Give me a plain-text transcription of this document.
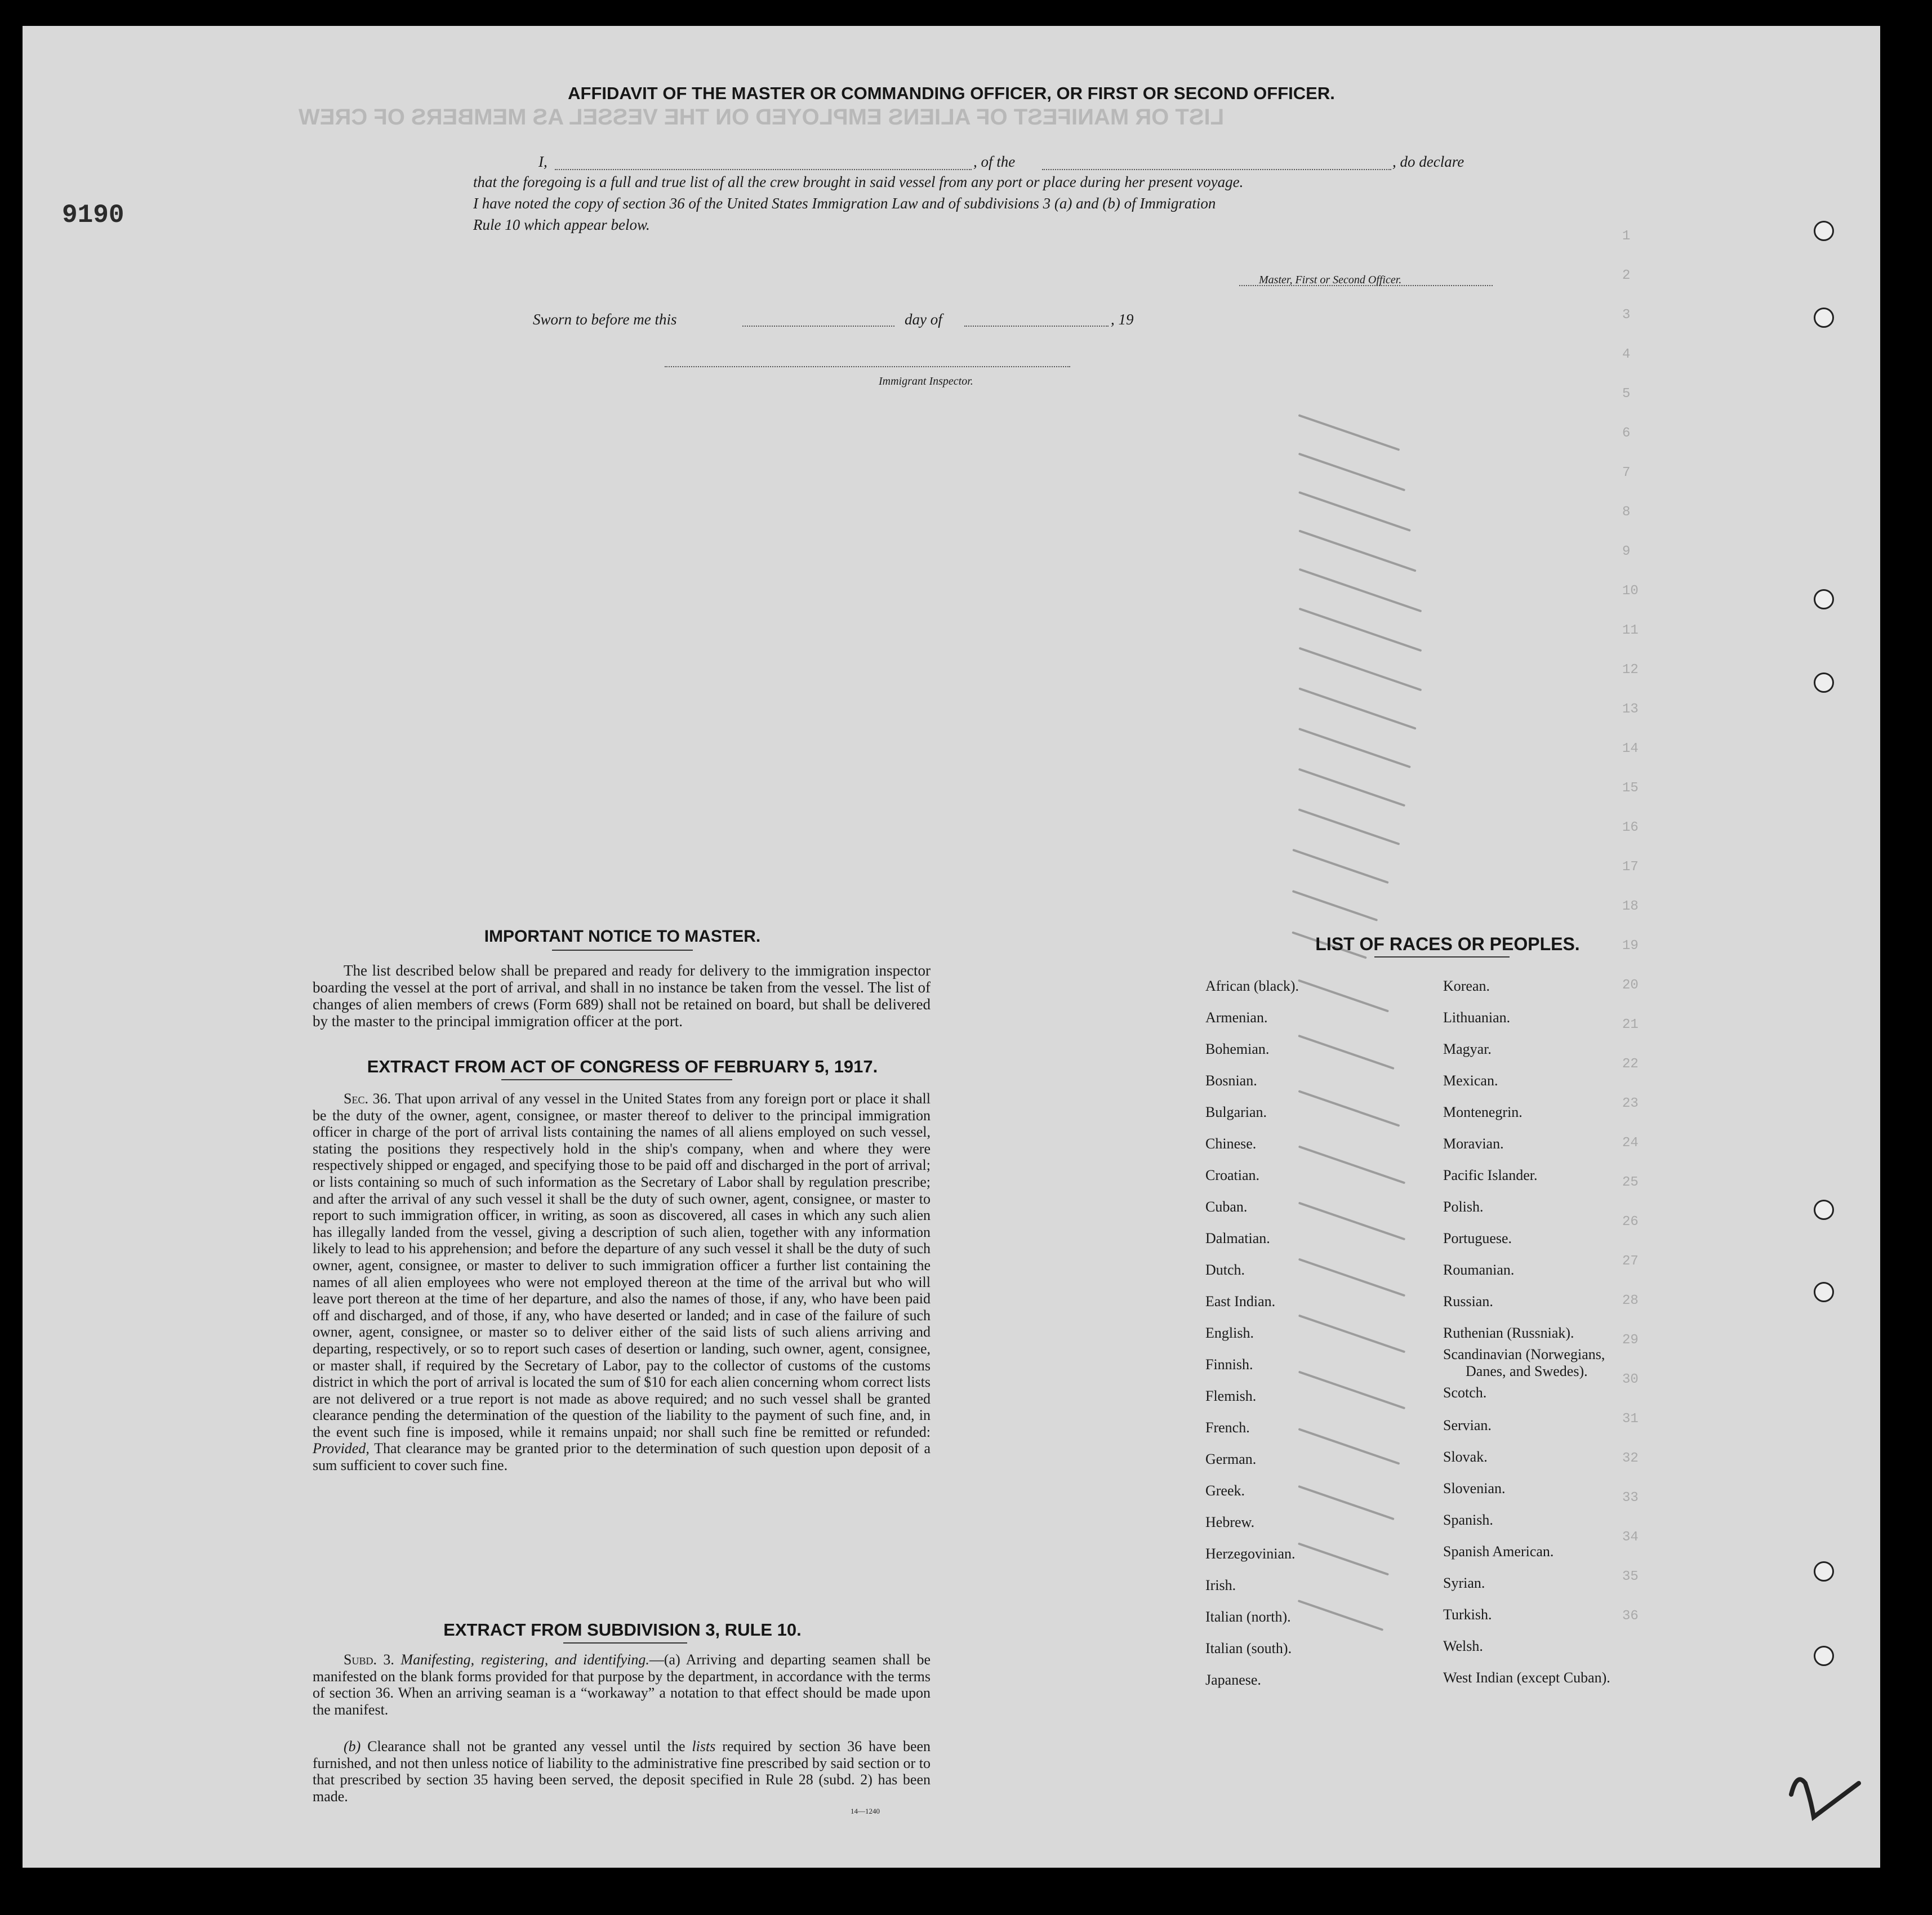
LIST OR MANIFEST OF ALIENS EMPLOYED ON THE VESSEL AS MEMBERS OF CREW
1
2
3
4
5
6
7
8
9
10
11
12
13
14
15
16
17
18
19
20
21
22
23
24
25
26
27
28
29
30
31
32
33
34
35
36
9190
AFFIDAVIT OF THE MASTER OR COMMANDING OFFICER, OR FIRST OR SECOND OFFICER.
I,	, of the	, do declare
that the foregoing is a full and true list of all the crew brought in said vessel from any port or place during her present voyage.
I have noted the copy of section 36 of the United States Immigration Law and of subdivisions 3 (a) and (b) of Immigration
Rule 10 which appear below.
Master, First or Second Officer.
Sworn to before me this	day of	, 19
Immigrant Inspector.
IMPORTANT NOTICE TO MASTER.
The list described below shall be prepared and ready for delivery to the immigration inspector boarding the vessel at the port of arrival, and shall in no instance be taken from the vessel. The list of changes of alien members of crews (Form 689) shall not be retained on board, but shall be delivered by the master to the principal immigration officer at the port.
EXTRACT FROM ACT OF CONGRESS OF FEBRUARY 5, 1917.
Sec. 36. That upon arrival of any vessel in the United States from any foreign port or place it shall be the duty of the owner, agent, consignee, or master thereof to deliver to the principal immigration officer in charge of the port of arrival lists containing the names of all aliens employed on such vessel, stating the positions they respectively hold in the ship's company, when and where they were respectively shipped or engaged, and specifying those to be paid off and discharged in the port of arrival; or lists containing so much of such information as the Secretary of Labor shall by regulation prescribe; and after the arrival of any such vessel it shall be the duty of such owner, agent, consignee, or master to report to such immigration officer, in writing, as soon as discovered, all cases in which any such alien has illegally landed from the vessel, giving a description of such alien, together with any information likely to lead to his apprehension; and before the departure of any such vessel it shall be the duty of such owner, agent, consignee, or master to deliver to such immigration officer a further list containing the names of all alien employees who were not employed thereon at the time of the arrival but who will leave port thereon at the time of her departure, and also the names of those, if any, who have been paid off and discharged, and of those, if any, who have deserted or landed; and in case of the failure of such owner, agent, consignee, or master so to deliver either of the said lists of such aliens arriving and departing, respectively, or so to report such cases of desertion or landing, such owner, agent, consignee, or master shall, if required by the Secretary of Labor, pay to the collector of customs of the customs district in which the port of arrival is located the sum of $10 for each alien concerning whom correct lists are not delivered or a true report is not made as above required; and no such vessel shall be granted clearance pending the determination of the question of the liability to the payment of such fine, and, in the event such fine is imposed, while it remains unpaid; nor shall such fine be remitted or refunded: Provided, That clearance may be granted prior to the determination of such question upon deposit of a sum sufficient to cover such fine.
EXTRACT FROM SUBDIVISION 3, RULE 10.
Subd. 3. Manifesting, registering, and identifying.—(a) Arriving and departing seamen shall be manifested on the blank forms provided for that purpose by the department, in accordance with the terms of section 36. When an arriving seaman is a “workaway” a notation to that effect should be made upon the manifest.
(b) Clearance shall not be granted any vessel until the lists required by section 36 have been furnished, and not then unless notice of liability to the administrative fine prescribed by said section or to that prescribed by section 35 having been served, the deposit specified in Rule 28 (subd. 2) has been made.
14—1240
LIST OF RACES OR PEOPLES.
African (black).
Armenian.
Bohemian.
Bosnian.
Bulgarian.
Chinese.
Croatian.
Cuban.
Dalmatian.
Dutch.
East Indian.
English.
Finnish.
Flemish.
French.
German.
Greek.
Hebrew.
Herzegovinian.
Irish.
Italian (north).
Italian (south).
Japanese.
Korean.
Lithuanian.
Magyar.
Mexican.
Montenegrin.
Moravian.
Pacific Islander.
Polish.
Portuguese.
Roumanian.
Russian.
Ruthenian (Russniak).
Scandinavian (Norwegians,
Danes, and Swedes).
Scotch.
Servian.
Slovak.
Slovenian.
Spanish.
Spanish American.
Syrian.
Turkish.
Welsh.
West Indian (except Cuban).
